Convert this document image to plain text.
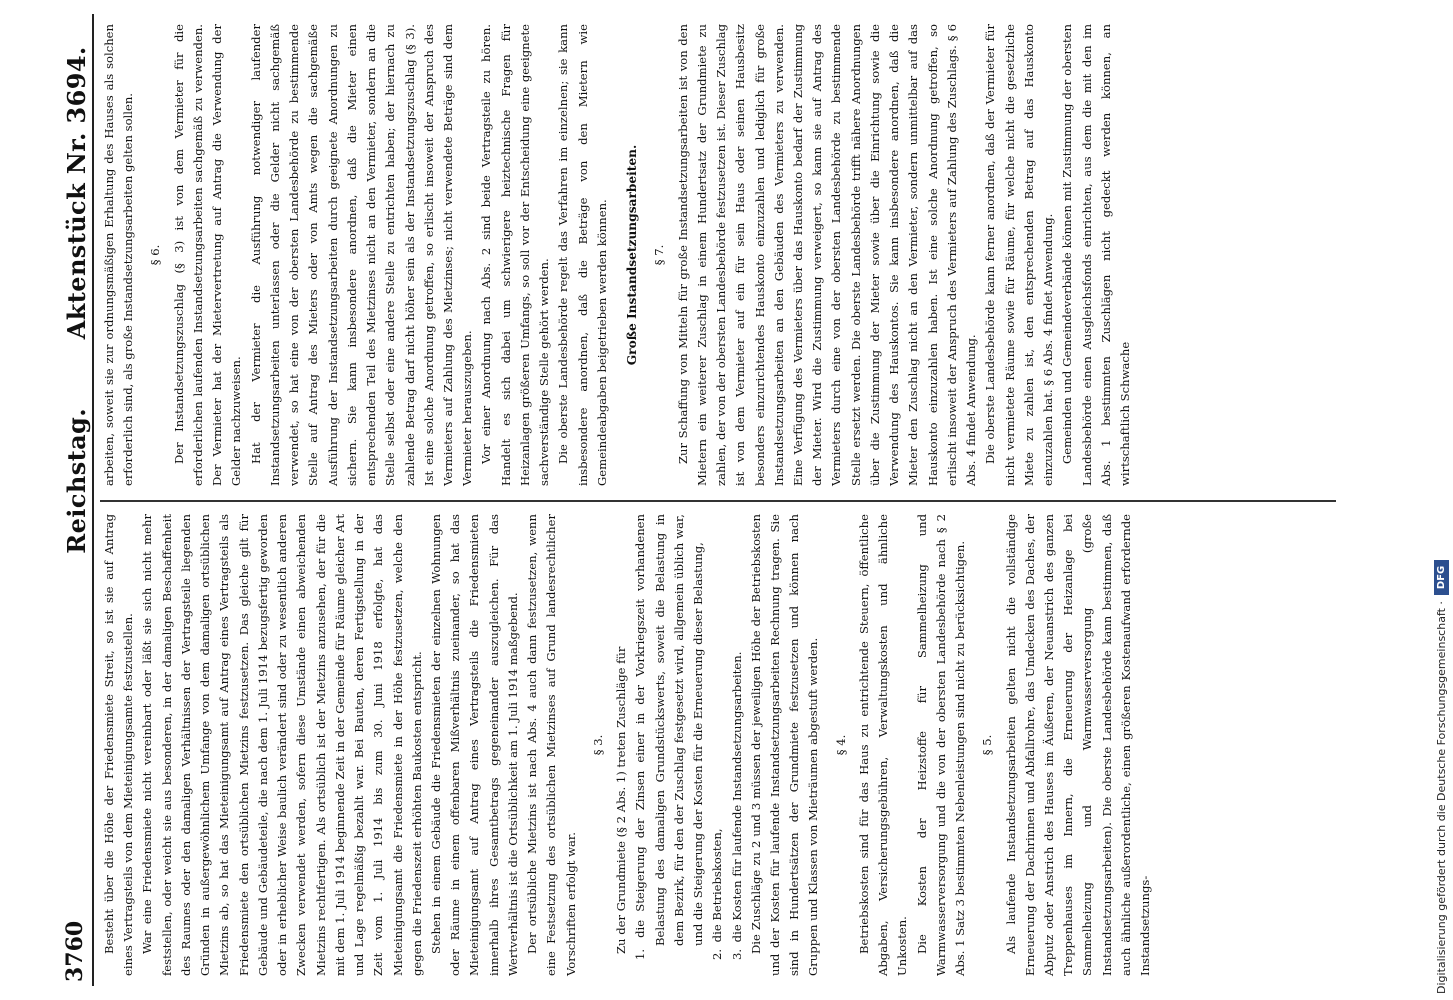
3760
Reichstag. Aktenstück Nr. 3694.

Besteht über die Höhe der Friedensmiete Streit, so ist sie auf Antrag eines Vertragsteils von dem Mieteinigungsamte festzustellen. War eine Friedensmiete nicht vereinbart oder läßt sie sich nicht mehr feststellen, oder weicht sie aus besonderen, in der damaligen Beschaffenheit des Raumes oder den damaligen Verhältnissen der Vertragsteile liegenden Gründen in außergewöhnlichem Umfange von dem damaligen ortsüblichen Mietzins ab, so hat das Mieteinigungsamt auf Antrag eines Vertragsteils als Friedensmiete den ortsüblichen Mietzins festzusetzen. Das gleiche gilt für Gebäude und Gebäudeteile, die nach dem 1. Juli 1914 bezugsfertig geworden oder in erheblicher Weise baulich verändert sind oder zu wesentlich anderen Zwecken verwendet werden, sofern diese Umstände einen abweichenden Mietzins rechtfertigen. Als ortsüblich ist der Mietzins anzusehen, der für die mit dem 1. Juli 1914 beginnende Zeit in der Gemeinde für Räume gleicher Art und Lage regelmäßig bezahlt war. Bei Bauten, deren Fertigstellung in der Zeit vom 1. Juli 1914 bis zum 30. Juni 1918 erfolgte, hat das Mieteinigungsamt die Friedensmiete in der Höhe festzusetzen, welche den gegen die Friedenszeit erhöhten Baukosten entspricht. Stehen in einem Gebäude die Friedensmieten der einzelnen Wohnungen oder Räume in einem offenbaren Mißverhältnis zueinander, so hat das Mieteinigungsamt auf Antrag eines Vertragsteils die Friedensmieten innerhalb ihres Gesamtbetrags gegeneinander auszugleichen. Für das Wertverhältnis ist die Ortsüblichkeit am 1. Juli 1914 maßgebend. Der ortsübliche Mietzins ist nach Abs. 4 auch dann festzusetzen, wenn eine Festsetzung des ortsüblichen Mietzinses auf Grund landesrechtlicher Vorschriften erfolgt war.

§ 3. Zu der Grundmiete (§ 2 Abs. 1) treten Zuschläge für

1. die Steigerung der Zinsen einer in der Vorkriegszeit vorhandenen Belastung des damaligen Grundstückswerts, soweit die Belastung in dem Bezirk, für den der Zuschlag festgesetzt wird, allgemein üblich war, und die Steigerung der Kosten für die Erneuerung dieser Belastung,
2. die Betriebskosten,
3. die Kosten für laufende Instandsetzungsarbeiten. Die Zuschläge zu 2 und 3 müssen der jeweiligen Höhe der Betriebskosten und der Kosten für laufende Instandsetzungsarbeiten Rechnung tragen. Sie sind in Hundertsätzen der Grundmiete festzusetzen und können nach Gruppen und Klassen von Mieträumen abgestuft werden. § 4. Betriebskosten sind für das Haus zu entrichtende Steuern, öffentliche Abgaben, Versicherungsgebühren, Verwaltungskosten und ähnliche Unkosten. Die Kosten der Heizstoffe für Sammelheizung und Warmwasserversorgung und die von der obersten Landesbehörde nach § 2 Abs. 1 Satz 3 bestimmten Nebenleistungen sind nicht zu berücksichtigen. § 5. Als laufende Instandsetzungsarbeiten gelten nicht die vollständige Erneuerung der Dachrinnen und Abfallrohre, das Umdecken des Daches, der Abputz oder Anstrich des Hauses im Äußeren, der Neuanstrich des ganzen Treppenhauses im Innern, die Erneuerung der Heizanlage bei Sammelheizung und Warmwasserversorgung (große Instandsetzungsarbeiten). Die oberste Landesbehörde kann bestimmen, daß auch ähnliche außerordentliche, einen größeren Kostenaufwand erfordernde Instandsetzungs-

arbeiten, soweit sie zur ordnungsmäßigen Erhaltung des Hauses als solchen erforderlich sind, als große Instandsetzungsarbeiten gelten sollen. § 6. Der Instandsetzungszuschlag (§ 3) ist von dem Vermieter für die erforderlichen laufenden Instandsetzungsarbeiten sachgemäß zu verwenden. Der Vermieter hat der Mietervertretung auf Antrag die Verwendung der Gelder nachzuweisen. Hat der Vermieter die Ausführung notwendiger laufender Instandsetzungsarbeiten unterlassen oder die Gelder nicht sachgemäß verwendet, so hat eine von der obersten Landesbehörde zu bestimmende Stelle auf Antrag des Mieters oder von Amts wegen die sachgemäße Ausführung der Instandsetzungsarbeiten durch geeignete Anordnungen zu sichern. Sie kann insbesondere anordnen, daß die Mieter einen entsprechenden Teil des Mietzinses nicht an den Vermieter, sondern an die Stelle selbst oder eine andere Stelle zu entrichten haben; der hiernach zu zahlende Betrag darf nicht höher sein als der Instandsetzungszuschlag (§ 3). Ist eine solche Anordnung getroffen, so erlischt insoweit der Anspruch des Vermieters auf Zahlung des Mietzinses; nicht verwendete Beträge sind dem Vermieter herauszugeben. Vor einer Anordnung nach Abs. 2 sind beide Vertragsteile zu hören. Handelt es sich dabei um schwierigere heiztechnische Fragen für Heizanlagen größeren Umfangs, so soll vor der Entscheidung eine geeignete sachverständige Stelle gehört werden. Die oberste Landesbehörde regelt das Verfahren im einzelnen; sie kann insbesondere anordnen, daß die Beträge von den Mietern wie Gemeindeabgaben beigetrieben werden können. Große Instandsetzungsarbeiten. § 7. Zur Schaffung von Mitteln für große Instandsetzungsarbeiten ist von den Mietern ein weiterer Zuschlag in einem Hundertsatz der Grundmiete zu zahlen, der von der obersten Landesbehörde festzusetzen ist. Dieser Zuschlag ist von dem Vermieter auf ein für sein Haus oder seinen Hausbesitz besonders einzurichtendes Hauskonto einzuzahlen und lediglich für große Instandsetzungsarbeiten an den Gebäuden des Vermieters zu verwenden. Eine Verfügung des Vermieters über das Hauskonto bedarf der Zustimmung der Mieter. Wird die Zustimmung verweigert, so kann sie auf Antrag des Vermieters durch eine von der obersten Landesbehörde zu bestimmende Stelle ersetzt werden. Die oberste Landesbehörde trifft nähere Anordnungen über die Zustimmung der Mieter sowie über die Einrichtung sowie die Verwendung des Hauskontos. Sie kann insbesondere anordnen, daß die Mieter den Zuschlag nicht an den Vermieter, sondern unmittelbar auf das Hauskonto einzuzahlen haben. Ist eine solche Anordnung getroffen, so erlischt insoweit der Anspruch des Vermieters auf Zahlung des Zuschlags. § 6 Abs. 4 findet Anwendung. Die oberste Landesbehörde kann ferner anordnen, daß der Vermieter für nicht vermietete Räume sowie für Räume, für welche nicht die gesetzliche Miete zu zahlen ist, den entsprechenden Betrag auf das Hauskonto einzuzahlen hat. § 6 Abs. 4 findet Anwendung. Gemeinden und Gemeindeverbände können mit Zustimmung der obersten Landesbehörde einen Ausgleichsfonds einrichten, aus dem die mit den im Abs. 1 bestimmten Zuschlägen nicht gedeckt werden können, an wirtschaftlich Schwache

Digitalisierung gefördert durch die Deutsche Forschungsgemeinschaft ·
DFG
